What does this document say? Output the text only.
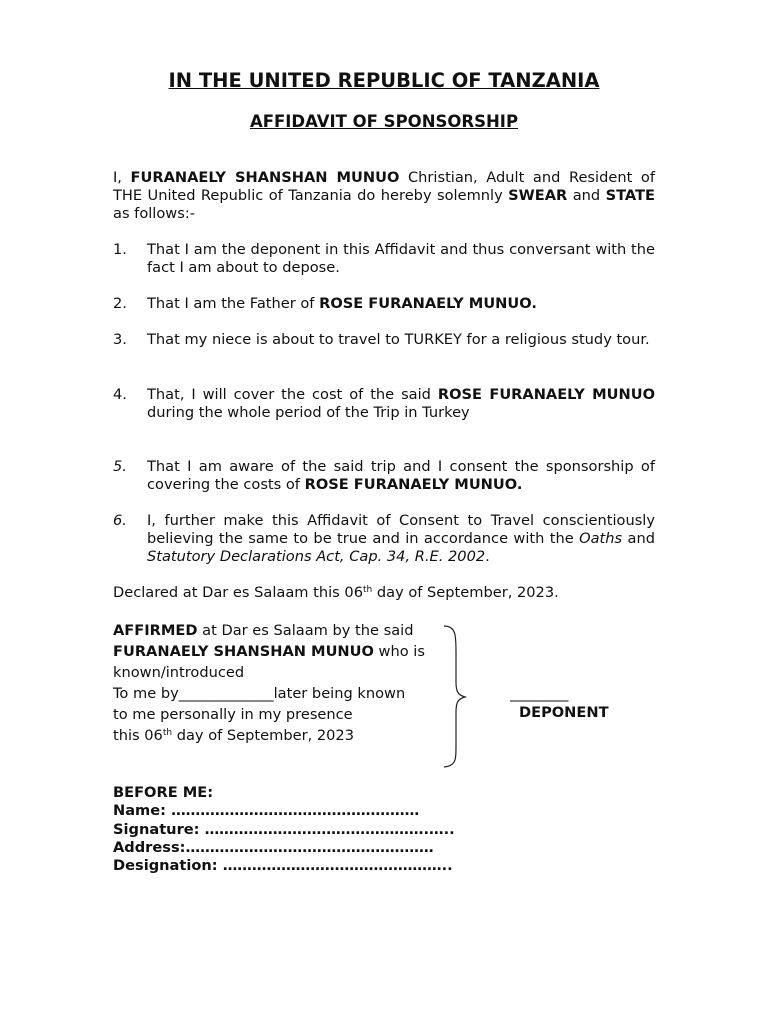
IN THE UNITED REPUBLIC OF TANZANIA
AFFIDAVIT OF SPONSORSHIP
I, FURANAELY SHANSHAN MUNUO Christian, Adult and Resident of THE United Republic of Tanzania do hereby solemnly SWEAR and STATE as follows:-
1. That I am the deponent in this Affidavit and thus conversant with the fact I am about to depose.
2. That I am the Father of ROSE FURANAELY MUNUO.
3. That my niece is about to travel to TURKEY for a religious study tour.
4. That, I will cover the cost of the said ROSE FURANAELY MUNUO during the whole period of the Trip in Turkey
5. That I am aware of the said trip and I consent the sponsorship of covering the costs of ROSE FURANAELY MUNUO.
6. I, further make this Affidavit of Consent to Travel conscientiously believing the same to be true and in accordance with the Oaths and Statutory Declarations Act, Cap. 34, R.E. 2002.
Declared at Dar es Salaam this 06th day of September, 2023.
AFFIRMED at Dar es Salaam by the said
FURANAELY SHANSHAN MUNUO who is
known/introduced
To me by_____________later being known
to me personally in my presence
this 06th day of September, 2023
________
DEPONENT
BEFORE ME:
Name: ……………………………………………
Signature: ……………………………………….…..
Address:……………………………………………
Designation: ………………………………………..
